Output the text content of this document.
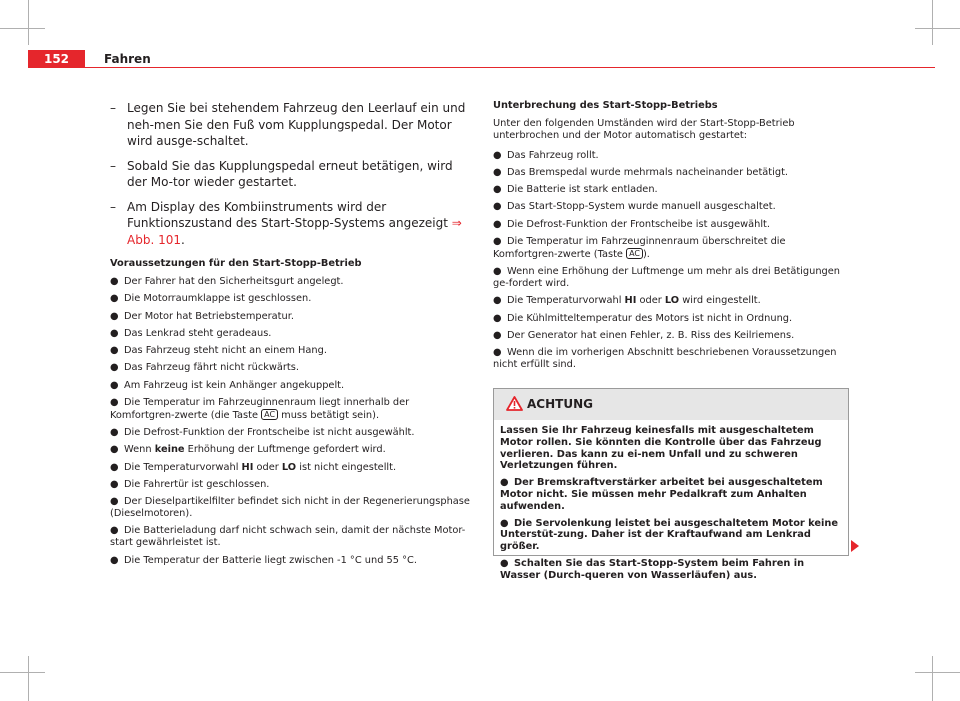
152	Fahren
– Legen Sie bei stehendem Fahrzeug den Leerlauf ein und neh-men Sie den Fuß vom Kupplungspedal. Der Motor wird ausge-schaltet.
– Sobald Sie das Kupplungspedal erneut betätigen, wird der Mo-tor wieder gestartet.
– Am Display des Kombiinstruments wird der Funktionszustand des Start-Stopp-Systems angezeigt ⇒ Abb. 101.
Voraussetzungen für den Start-Stopp-Betrieb
● Der Fahrer hat den Sicherheitsgurt angelegt.
● Die Motorraumklappe ist geschlossen.
● Der Motor hat Betriebstemperatur.
● Das Lenkrad steht geradeaus.
● Das Fahrzeug steht nicht an einem Hang.
● Das Fahrzeug fährt nicht rückwärts.
● Am Fahrzeug ist kein Anhänger angekuppelt.
● Die Temperatur im Fahrzeuginnenraum liegt innerhalb der Komfortgren-zwerte (die Taste AC muss betätigt sein).
● Die Defrost-Funktion der Frontscheibe ist nicht ausgewählt.
● Wenn keine Erhöhung der Luftmenge gefordert wird.
● Die Temperaturvorwahl HI oder LO ist nicht eingestellt.
● Die Fahrertür ist geschlossen.
● Der Dieselpartikelfilter befindet sich nicht in der Regenerierungsphase (Dieselmotoren).
● Die Batterieladung darf nicht schwach sein, damit der nächste Motor-start gewährleistet ist.
● Die Temperatur der Batterie liegt zwischen -1 °C und 55 °C.
Unterbrechung des Start-Stopp-Betriebs
Unter den folgenden Umständen wird der Start-Stopp-Betrieb unterbrochen und der Motor automatisch gestartet:
● Das Fahrzeug rollt.
● Das Bremspedal wurde mehrmals nacheinander betätigt.
● Die Batterie ist stark entladen.
● Das Start-Stopp-System wurde manuell ausgeschaltet.
● Die Defrost-Funktion der Frontscheibe ist ausgewählt.
● Die Temperatur im Fahrzeuginnenraum überschreitet die Komfortgren-zwerte (Taste AC ).
● Wenn eine Erhöhung der Luftmenge um mehr als drei Betätigungen ge-fordert wird.
● Die Temperaturvorwahl HI oder LO wird eingestellt.
● Die Kühlmitteltemperatur des Motors ist nicht in Ordnung.
● Der Generator hat einen Fehler, z. B. Riss des Keilriemens.
● Wenn die im vorherigen Abschnitt beschriebenen Voraussetzungen nicht erfüllt sind.
ACHTUNG

Lassen Sie Ihr Fahrzeug keinesfalls mit ausgeschaltetem Motor rollen. Sie könnten die Kontrolle über das Fahrzeug verlieren. Das kann zu ei-nem Unfall und zu schweren Verletzungen führen.

● Der Bremskraftverstärker arbeitet bei ausgeschaltetem Motor nicht. Sie müssen mehr Pedalkraft zum Anhalten aufwenden.

● Die Servolenkung leistet bei ausgeschaltetem Motor keine Unterstüt-zung. Daher ist der Kraftaufwand am Lenkrad größer.

● Schalten Sie das Start-Stopp-System beim Fahren in Wasser (Durch-queren von Wasserläufen) aus.
